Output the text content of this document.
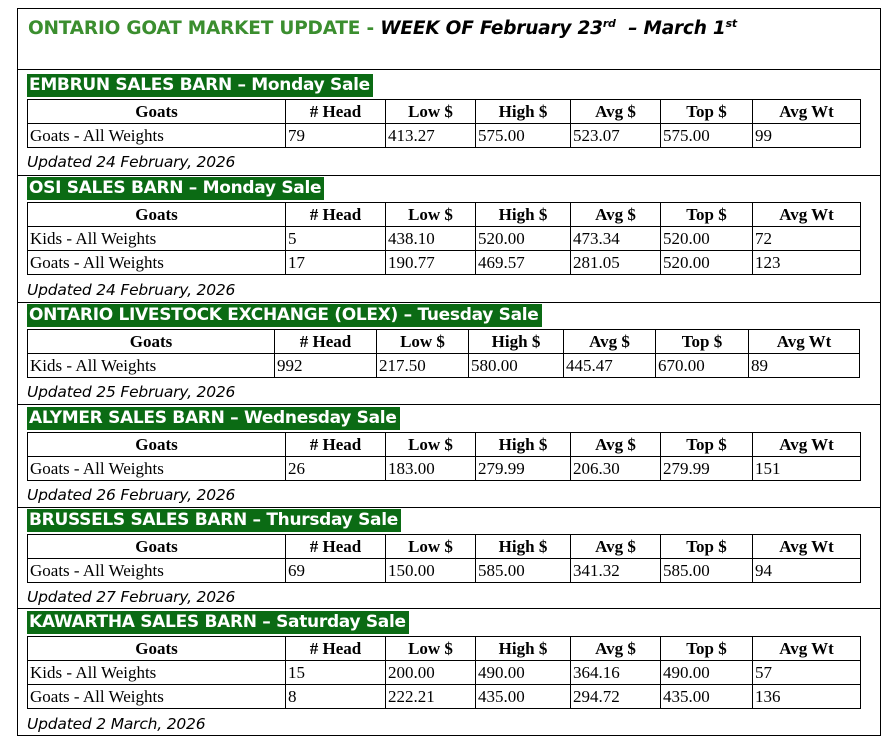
ONTARIO GOAT MARKET UPDATE - WEEK OF February 23rd  – March 1st
EMBRUN SALES BARN – Monday Sale
Goats	# Head	Low $	High $	Avg $	Top $	Avg Wt
Goats - All Weights	79	413.27	575.00	523.07	575.00	99
Updated 24 February, 2026
OSI SALES BARN – Monday Sale
Goats	# Head	Low $	High $	Avg $	Top $	Avg Wt
Kids - All Weights	5	438.10	520.00	473.34	520.00	72
Goats - All Weights	17	190.77	469.57	281.05	520.00	123
Updated 24 February, 2026
ONTARIO LIVESTOCK EXCHANGE (OLEX) – Tuesday Sale
Goats	# Head	Low $	High $	Avg $	Top $	Avg Wt
Kids - All Weights	992	217.50	580.00	445.47	670.00	89
Updated 25 February, 2026
ALYMER SALES BARN – Wednesday Sale
Goats	# Head	Low $	High $	Avg $	Top $	Avg Wt
Goats - All Weights	26	183.00	279.99	206.30	279.99	151
Updated 26 February, 2026
BRUSSELS SALES BARN – Thursday Sale
Goats	# Head	Low $	High $	Avg $	Top $	Avg Wt
Goats - All Weights	69	150.00	585.00	341.32	585.00	94
Updated 27 February, 2026
KAWARTHA SALES BARN – Saturday Sale
Goats	# Head	Low $	High $	Avg $	Top $	Avg Wt
Kids - All Weights	15	200.00	490.00	364.16	490.00	57
Goats - All Weights	8	222.21	435.00	294.72	435.00	136
Updated 2 March, 2026
